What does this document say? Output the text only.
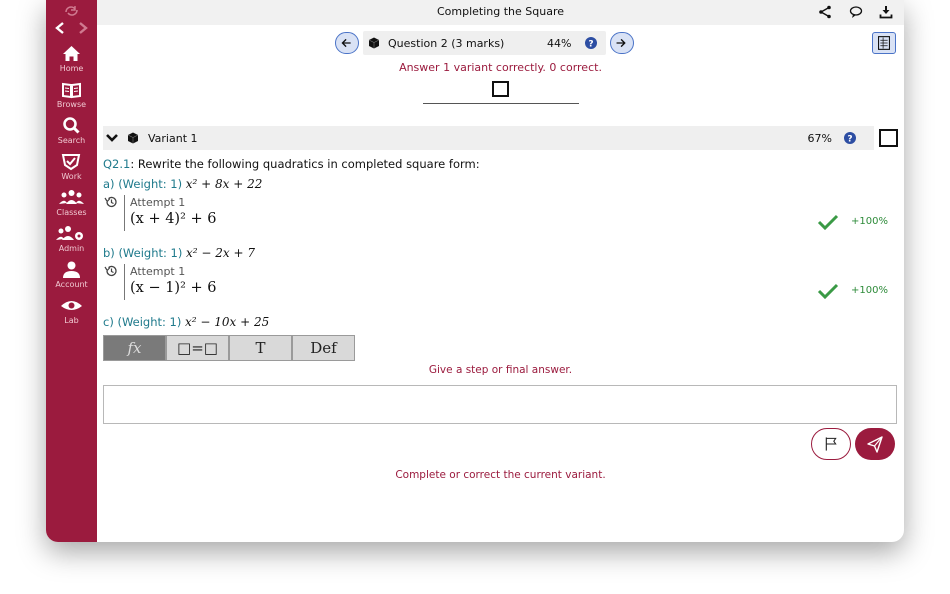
Home
Browse
Search
Work
Classes
Admin
Account
Lab
Completing the Square
Question 2 (3 marks)	44% ?
Answer 1 variant correctly. 0 correct.
Variant 1	67% ?
Q2.1: Rewrite the following quadratics in completed square form:
a) (Weight: 1) x² + 8x + 22
Attempt 1
(x + 4)² + 6	+100%
b) (Weight: 1) x² − 2x + 7
Attempt 1
(x − 1)² + 6	+100%
c) (Weight: 1) x² − 10x + 25
fx	□=□	T	Def
Give a step or final answer.
Complete or correct the current variant.
